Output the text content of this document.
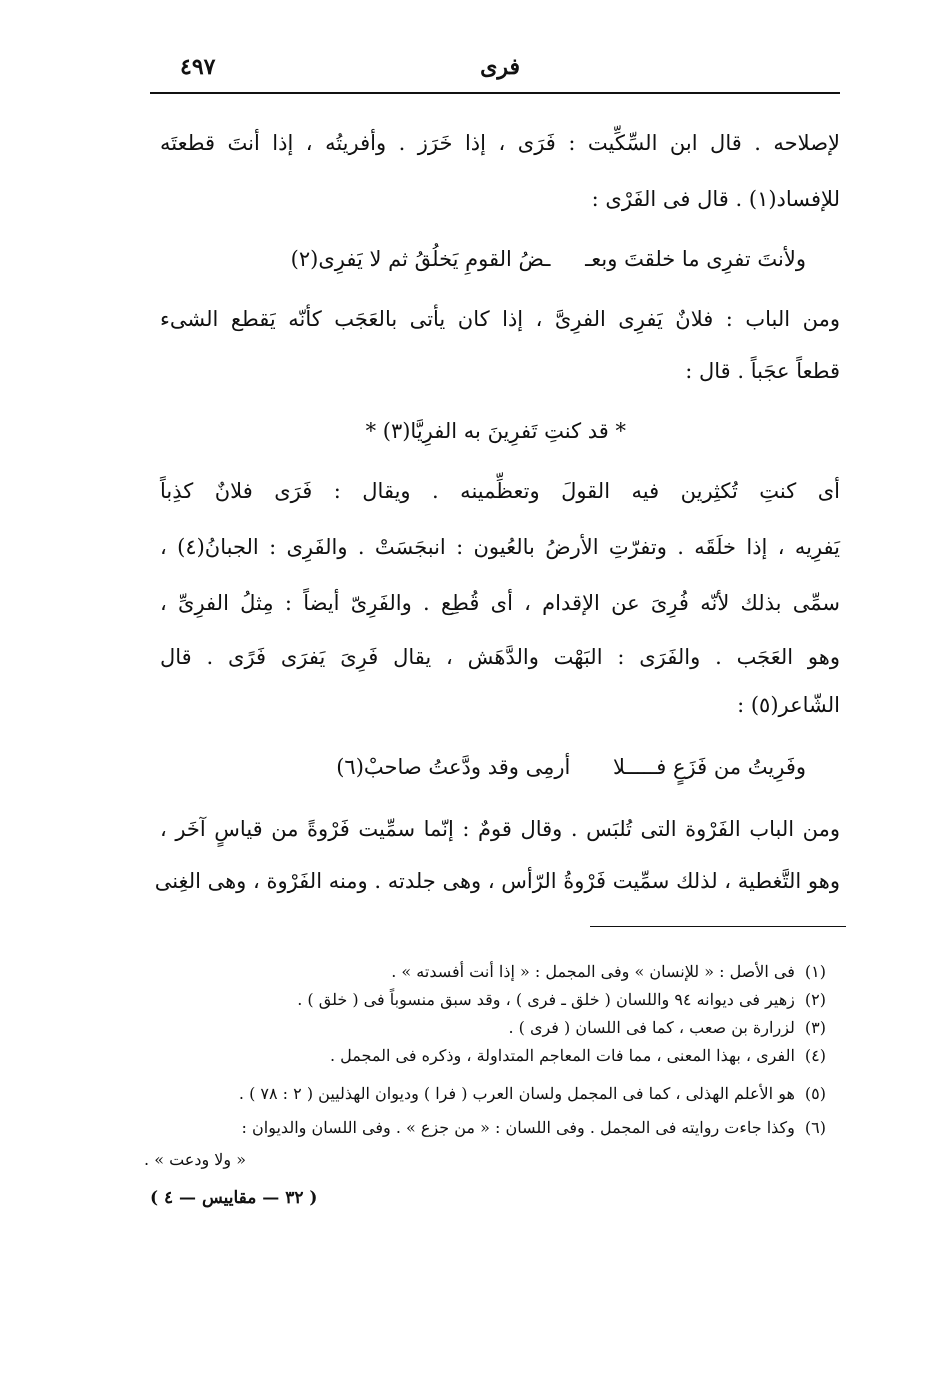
فرى
٤٩٧
لإصلاحه . قال ابن السِّكِّيت : فَرَى ، إذا خَرَز . وأفريتُه ، إذا أنتَ قطعتَه
للإفساد(١) . قال فى الفَرْى :
ولأنتَ تفرِى ما خلقتَ وبعـ ـضُ القومِ يَخلُقُ ثم لا يَفرِى(٢)
ومن الباب : فلانٌ يَفرِى الفرِىَّ ، إذا كان يأتى بالعَجَب كأنّه يَقطع الشىء
قطعاً عجَباً . قال :
* قد كنتِ تَفرِينَ به الفرِيَّا(٣) *
أى كنتِ تُكثِرين فيه القولَ وتعظِّمينه . ويقال : فَرَى فلانٌ كذِباً
يَفرِيه ، إذا خلَقَه . وتفرّتِ الأرضُ بالعُيون : انبجَسَتْ . والفَرِى : الجبانُ(٤) ،
سمِّى بذلك لأنّه فُرِىَ عن الإقدام ، أى قُطِع . والفَرِىّ أيضاً : مِثلُ الفرِىِّ ،
وهو العَجَب . والفَرَى : البَهْت والدَّهَش ، يقال فَرِىَ يَفرَى فَرًى . قال
الشّاعر(٥) :
وفَرِيتُ من فَزَعٍ فـــــلا أرمِى وقد ودَّعتُ صاحبْ(٦)
ومن الباب الفَرْوة التى تُلبَس . وقال قومٌ : إنّما سمِّيت فَرْوةً من قياسٍ آخَر ،
وهو التَّغطية ، لذلك سمِّيت فَرْوةُ الرّأس ، وهى جلدته . ومنه الفَرْوة ، وهى الغِنى
(١)فى الأصل : « للإنسان » وفى المجمل : « إذا أنت أفسدته » .
(٢)زهير فى ديوانه ٩٤ واللسان ( خلق ـ فرى ) ، وقد سبق منسوباً فى ( خلق ) .
(٣)لزرارة بن صعب ، كما فى اللسان ( فرى ) .
(٤)الفرى ، بهذا المعنى ، مما فات المعاجم المتداولة ، وذكره فى المجمل .
(٥)هو الأعلم الهذلى ، كما فى المجمل ولسان العرب ( فرا ) وديوان الهذليين ( ٢ : ٧٨ ) .
(٦)وكذا جاءت روايته فى المجمل . وفى اللسان : « من جزع » . وفى اللسان والديوان :
« ولا ودعت » .
( ٣٢ — مقاييس — ٤ )
